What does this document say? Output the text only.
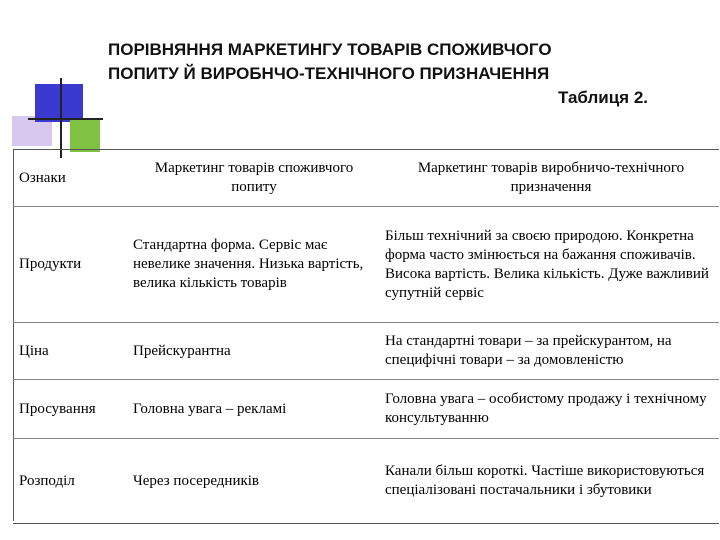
ПОРІВНЯННЯ МАРКЕТИНГУ ТОВАРІВ СПОЖИВЧОГО
ПОПИТУ Й ВИРОБНЧО-ТЕХНІЧНОГО ПРИЗНАЧЕННЯ
Таблиця 2.
Ознаки	Маркетинг товарів споживчого попиту	Маркетинг товарів виробничо-технічного призначення
Продукти	Стандартна форма. Сервіс має невелике значення. Низька вартість, велика кількість товарів	Більш технічний за своєю природою. Конкретна форма часто змінюється на бажання споживачів. Висока вартість. Велика кількість. Дуже важливий супутній сервіс
Ціна	Прейскурантна	На стандартні товари – за прейскурантом, на специфічні товари – за домовленістю
Просування	Головна увага – рекламі	Головна увага – особистому продажу і технічному консультуванню
Розподіл	Через посередників	Канали більш короткі. Частіше використовуються спеціалізовані постачальники і збутовики
